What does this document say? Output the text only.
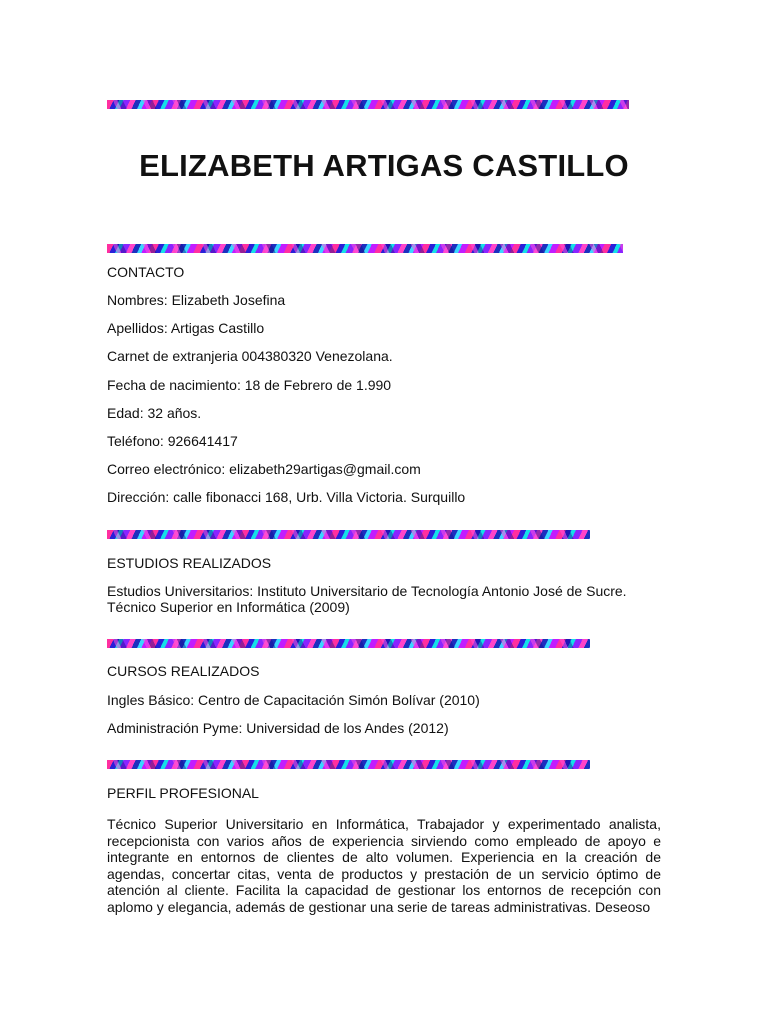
ELIZABETH ARTIGAS CASTILLO

CONTACTO

Nombres: Elizabeth Josefina

Apellidos: Artigas Castillo

Carnet de extranjeria 004380320 Venezolana.

Fecha de nacimiento: 18 de Febrero de 1.990

Edad: 32 años.

Teléfono: 926641417

Correo electrónico: elizabeth29artigas@gmail.com

Dirección: calle fibonacci 168, Urb. Villa Victoria. Surquillo

ESTUDIOS REALIZADOS

Estudios Universitarios: Instituto Universitario de Tecnología Antonio José de Sucre.

Técnico Superior en Informática (2009)

CURSOS REALIZADOS

Ingles Básico: Centro de Capacitación Simón Bolívar (2010)

Administración Pyme: Universidad de los Andes (2012)

PERFIL PROFESIONAL

Técnico Superior Universitario en Informática, Trabajador y experimentado analista, recepcionista con varios años de experiencia sirviendo como empleado de apoyo e integrante en entornos de clientes de alto volumen. Experiencia en la creación de agendas, concertar citas, venta de productos y prestación de un servicio óptimo de atención al cliente. Facilita la capacidad de gestionar los entornos de recepción con aplomo y elegancia, además de gestionar una serie de tareas administrativas. Deseoso
